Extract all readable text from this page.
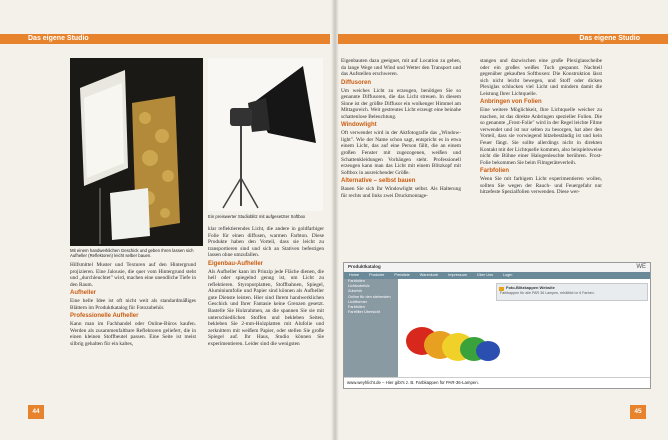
Das eigene Studio	Das eigene Studio
Mit einem handwerklichen Geschick und geben Ihren lassen sich Aufheller (Reflektoren) leicht selber bauen.
Ein preiswerter Studioblitz mit aufgesetzter Softbox

Hilfsmittel Muster und Texturen auf den Hintergrund projizieren. Eine Jalousie, die quer vom Hintergrund steht und „durchleuchtet" wird, machen eine unendliche Tiefe in den Raum.

Aufheller

Eine helle Idee ist oft nicht weit als standardmäßiges Blättern im Produktkatalog für Fotozubehör.

Professionelle Aufheller

Kann man im Fachhandel oder Online-Büros kaufen. Werden als zusammenfaltbare Reflektoren geliefert, die in einen kleinen Stoffbeutel passen. Eine Seite ist meist silbrig gehalten für ein kaltes,

klar reflektierendes Licht, die andere in goldfarbiger Folie für einen diffusen, warmen Farbton. Diese Produkte haben den Vorteil, dass sie leicht zu transportieren sind und sich an Stativen befestigen lassen ohne umzufallen.

Eigenbau-Aufheller

Als Aufheller kann im Prinzip jede Fläche dienen, die hell oder spiegelnd genug ist, um Licht zu reflektieren. Styroporplatten, Stoffbahnen, Spiegel, Aluminiumfolie und Papier sind können als Aufheller gute Dienste leisten. Hier sind Ihrem handwerklichen Geschick und Ihrer Fantasie keine Grenzen gesetzt. Bastelle Sie Holzrahmen, an die spannen Sie sie mit unterschiedlichen Stoffen und bekleben Seiten, bekleben Sie 2-mm-Holzplatten mit Alufolie und zerknittern mit weißem Papier, oder stellen Sie große Spiegel auf. Ihr Haus, Studio können Sie experimentieren. Leider sind die wenigsten

44

Eigenbauten dazu geeignet, mit auf Location zu gehen, da lange Wege und Wind und Wetter den Transport und das Aufstellen erschweren.

Diffusoren

Um weiches Licht zu erzeugen, benötigen Sie so genannte Diffusoren, die das Licht streuen. In diesem Sinne ist der größte Diffusor ein wolkenger Himmel am Mittagsreich. Weit gestreutes Licht erzeugt eine beinahe schattenlose Beleuchtung.

Windowlight

Oft verwendet wird in der Aktfotografie das „Window-light". Wie der Name schon sagt, entspricht es in etwa einem Licht, das auf eine Person fällt, die an einem großen Fenster mit zugezogenen, weißen und Schattenkleidungen Vorhängen steht. Professionell erzeugen kann man das Licht mit einem Blitzkopf mit Softbox in ausreichender Größe.

Alternative – selbst bauen

Bauen Sie sich Ihr Windowlight selbst. Als Halterung für rechts und links zwei Druckmontage-

stangen und dazwischen eine große Plexiglasscheibe oder ein großes weißes Tuch gespannt. Nachteil gegenüber gekauften Softboxen: Die Konstruktion lässt sich nicht leicht bewegen, und Stoff oder dicken Plexiglas schlucken viel Licht und mindern damit die Leistung Ihrer Lichtquelle.

Anbringen von Folien

Eine weitere Möglichkeit, Ihre Lichtquelle weicher zu machen, ist das direkte Anbringen spezieller Folien. Die so genannte „Frost-Folie" wird in der Regel leichte Filme verwendet und ist nur selten zu besorgen, hat aber den Vorteil, dass sie vorwiegend hitzebeständig ist und kein Feuer fängt. Sie sollte allerdings nicht in direkten Kontakt mit der Lichtquelle kommen, also beispielsweise nicht die Bühne einer Halogenleuchte berühren. Frost-Folie bekommen Sie beim Filmgeräteverleih.

Farbfolien

Wenn Sie mit farbigem Licht experimentieren wollen, sollten Sie wegen der Rauch- und Feuergefahr nur hitzefeste Spezialfolien verwenden. Diese wer-

Produktkatalog	WE
Home	Produkte	Preisliste	Warenkorb	Impressum	Über Uns	Login
Farbfolien
Lichtzubehör
Zubehör
Online für den stehenden
Lichtformer
Farbfolien
Farbfilter Übersicht
Foto-Blitzkappen Website
Farbkappen für alle PAR 36 Lampen, erhältlich in 6 Farben.
www.weyhlicht.de – Hier gibt's z. B. Farbkappen für PAR-36-Lampen.
45
